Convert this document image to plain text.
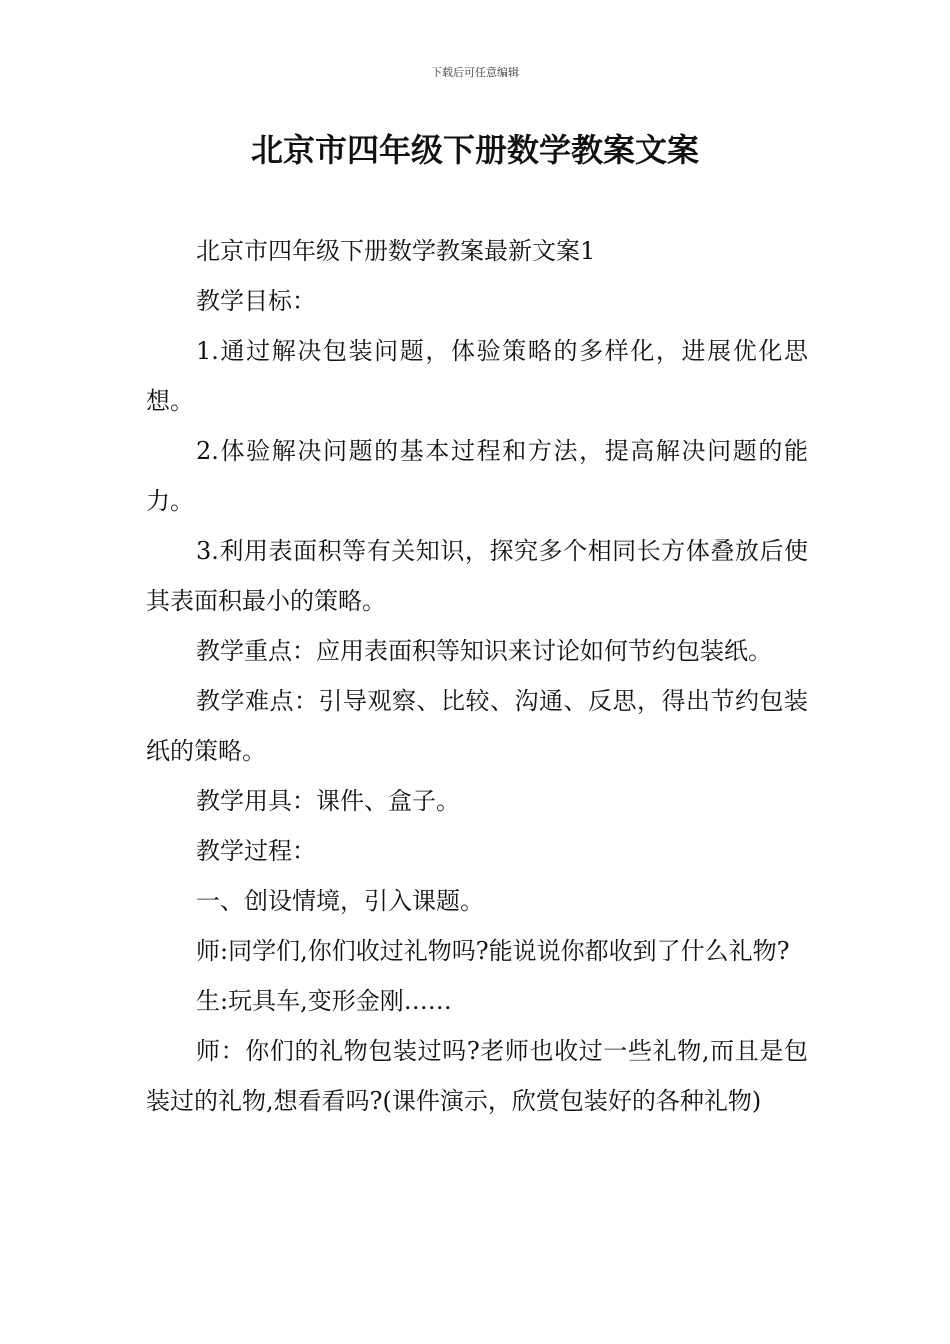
下载后可任意编辑
北京市四年级下册数学教案文案

北京市四年级下册数学教案最新文案1

教学目标：

1.通过解决包装问题，体验策略的多样化，进展优化思想。

2.体验解决问题的基本过程和方法，提高解决问题的能力。

3.利用表面积等有关知识，探究多个相同长方体叠放后使其表面积最小的策略。

教学重点：应用表面积等知识来讨论如何节约包装纸。

教学难点：引导观察、比较、沟通、反思，得出节约包装纸的策略。

教学用具：课件、盒子。

教学过程：

一、创设情境，引入课题。

师:同学们,你们收过礼物吗?能说说你都收到了什么礼物?

生:玩具车,变形金刚……

师：你们的礼物包装过吗?老师也收过一些礼物,而且是包装过的礼物,想看看吗?(课件演示，欣赏包装好的各种礼物)
